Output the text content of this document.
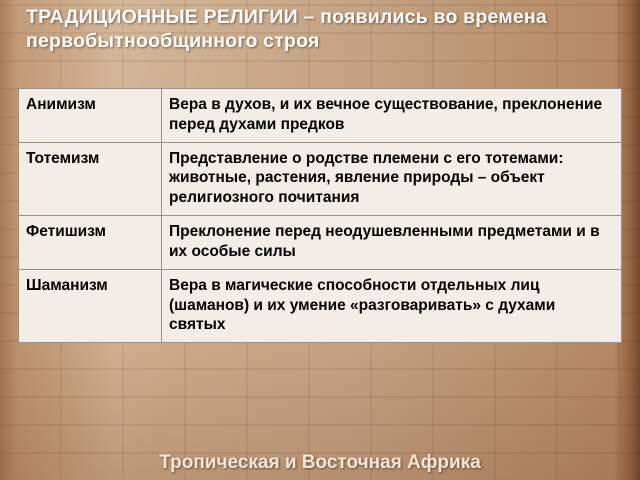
ТРАДИЦИОННЫЕ РЕЛИГИИ – появились во времена первобытнообщинного строя
Анимизм	Вера в духов, и их вечное существование, преклонение перед духами предков
Тотемизм	Представление о родстве племени с его тотемами: животные, растения, явление природы – объект религиозного почитания
Фетишизм	Преклонение перед неодушевленными предметами и в их особые силы
Шаманизм	Вера в магические способности отдельных лиц (шаманов) и их умение «разговаривать» с духами святых
Тропическая и Восточная Африка
